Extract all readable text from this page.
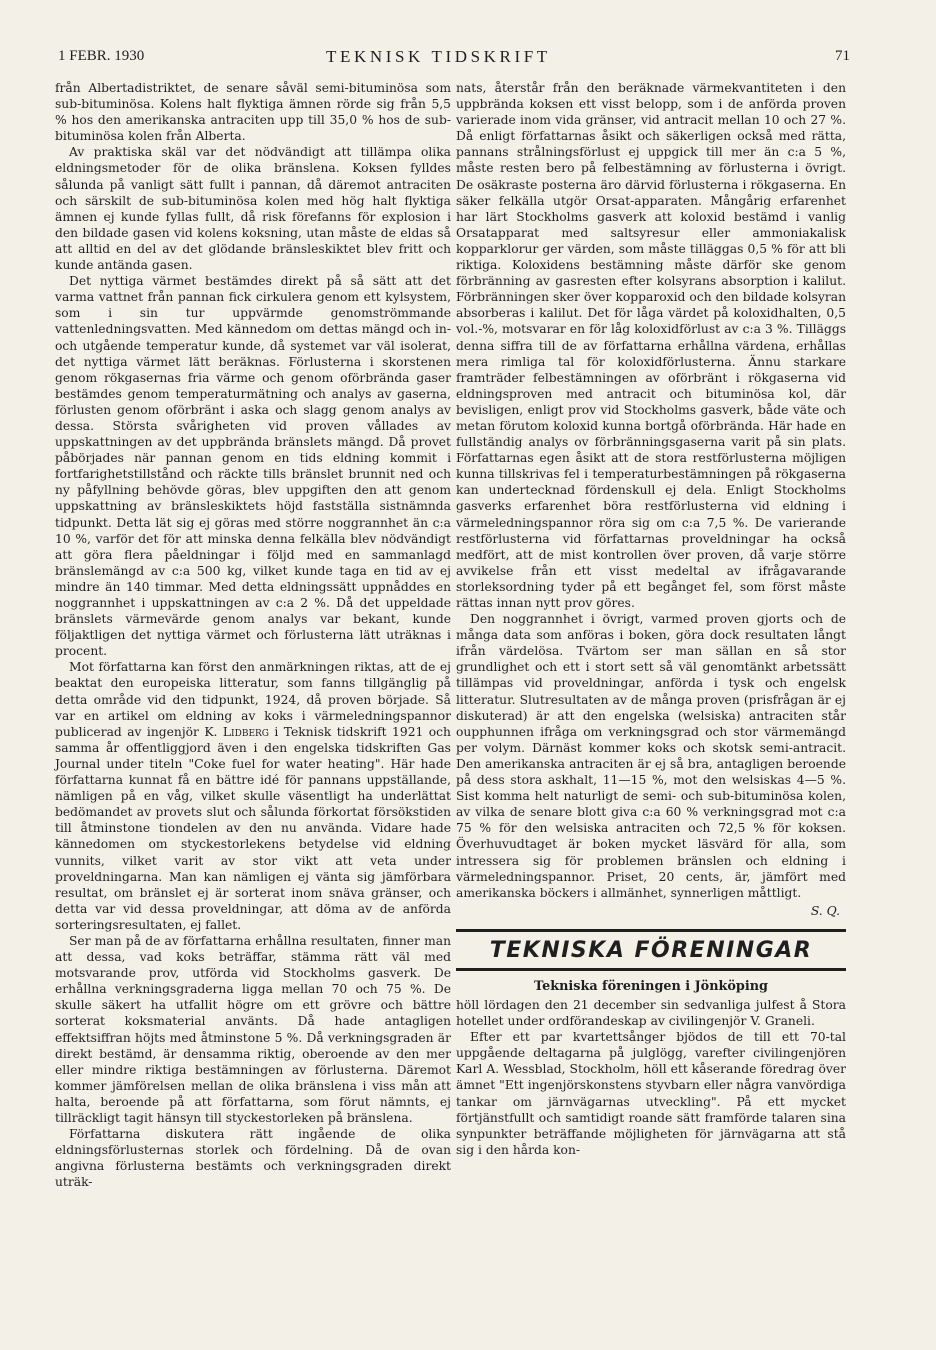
1 FEBR. 1930	TEKNISK TIDSKRIFT	71

från Albertadistriktet, de senare såväl semi-bituminösa som sub-bituminösa. Kolens halt flyktiga ämnen rörde sig från 5,5 % hos den amerikanska antraciten upp till 35,0 % hos de sub-bituminösa kolen från Alberta.

Av praktiska skäl var det nödvändigt att tillämpa olika eldningsmetoder för de olika bränslena. Koksen fylldes sålunda på vanligt sätt fullt i pannan, då däremot antraciten och särskilt de sub-bituminösa kolen med hög halt flyktiga ämnen ej kunde fyllas fullt, då risk förefanns för explosion i den bildade gasen vid kolens koksning, utan måste de eldas så att alltid en del av det glödande bränsleskiktet blev fritt och kunde antända gasen.

Det nyttiga värmet bestämdes direkt på så sätt att det varma vattnet från pannan fick cirkulera genom ett kylsystem, som i sin tur uppvärmde genomströmmande vattenledningsvatten. Med kännedom om dettas mängd och in- och utgående temperatur kunde, då systemet var väl isolerat, det nyttiga värmet lätt beräknas. Förlusterna i skorstenen genom rökgasernas fria värme och genom oförbrända gaser bestämdes genom temperaturmätning och analys av gaserna, förlusten genom oförbränt i aska och slagg genom analys av dessa. Största svårigheten vid proven vållades av uppskattningen av det uppbrända bränslets mängd. Då provet påbörjades när pannan genom en tids eldning kommit i fortfarighetstillstånd och räckte tills bränslet brunnit ned och ny påfyllning behövde göras, blev uppgiften den att genom uppskattning av bränsleskiktets höjd fastställa sistnämnda tidpunkt. Detta lät sig ej göras med större noggrannhet än c:a 10 %, varför det för att minska denna felkälla blev nödvändigt att göra flera påeldningar i följd med en sammanlagd bränslemängd av c:a 500 kg, vilket kunde taga en tid av ej mindre än 140 timmar. Med detta eldningssätt uppnåddes en noggrannhet i uppskattningen av c:a 2 %. Då det uppeldade bränslets värmevärde genom analys var bekant, kunde följaktligen det nyttiga värmet och förlusterna lätt uträknas i procent.

Mot författarna kan först den anmärkningen riktas, att de ej beaktat den europeiska litteratur, som fanns tillgänglig på detta område vid den tidpunkt, 1924, då proven började. Så var en artikel om eldning av koks i värmeledningspannor publicerad av ingenjör K. Lidberg i Teknisk tidskrift 1921 och samma år offentliggjord även i den engelska tidskriften Gas Journal under titeln "Coke fuel for water heating". Här hade författarna kunnat få en bättre idé för pannans uppställande, nämligen på en våg, vilket skulle väsentligt ha underlättat bedömandet av provets slut och sålunda förkortat försökstiden till åtminstone tiondelen av den nu använda. Vidare hade kännedomen om styckestorlekens betydelse vid eldning vunnits, vilket varit av stor vikt att veta under proveldningarna. Man kan nämligen ej vänta sig jämförbara resultat, om bränslet ej är sorterat inom snäva gränser, och detta var vid dessa proveldningar, att döma av de anförda sorteringsresultaten, ej fallet.

Ser man på de av författarna erhållna resultaten, finner man att dessa, vad koks beträffar, stämma rätt väl med motsvarande prov, utförda vid Stockholms gasverk. De erhållna verkningsgraderna ligga mellan 70 och 75 %. De skulle säkert ha utfallit högre om ett grövre och bättre sorterat koksmaterial använts. Då hade antagligen effektsiffran höjts med åtminstone 5 %. Då verkningsgraden är direkt bestämd, är densamma riktig, oberoende av den mer eller mindre riktiga bestämningen av förlusterna. Däremot kommer jämförelsen mellan de olika bränslena i viss mån att halta, beroende på att författarna, som förut nämnts, ej tillräckligt tagit hänsyn till styckestorleken på bränslena.

Författarna diskutera rätt ingående de olika eldningsförlusternas storlek och fördelning. Då de ovan angivna förlusterna bestämts och verkningsgraden direkt uträk-

nats, återstår från den beräknade värmekvantiteten i den uppbrända koksen ett visst belopp, som i de anförda proven varierade inom vida gränser, vid antracit mellan 10 och 27 %. Då enligt författarnas åsikt och säkerligen också med rätta, pannans strålningsförlust ej uppgick till mer än c:a 5 %, måste resten bero på felbestämning av förlusterna i övrigt. De osäkraste posterna äro därvid förlusterna i rökgaserna. En säker felkälla utgör Orsat-apparaten. Mångårig erfarenhet har lärt Stockholms gasverk att koloxid bestämd i vanlig Orsatapparat med saltsyresur eller ammoniakalisk kopparklorur ger värden, som måste tilläggas 0,5 % för att bli riktiga. Koloxidens bestämning måste därför ske genom förbränning av gasresten efter kolsyrans absorption i kalilut. Förbränningen sker över kopparoxid och den bildade kolsyran absorberas i kalilut. Det för låga värdet på koloxidhalten, 0,5 vol.-%, motsvarar en för låg koloxidförlust av c:a 3 %. Tilläggs denna siffra till de av författarna erhållna värdena, erhållas mera rimliga tal för koloxidförlusterna. Ännu starkare framträder felbestämningen av oförbränt i rökgaserna vid eldningsproven med antracit och bituminösa kol, där bevisligen, enligt prov vid Stockholms gasverk, både väte och metan förutom koloxid kunna bortgå oförbrända. Här hade en fullständig analys ov förbränningsgaserna varit på sin plats. Författarnas egen åsikt att de stora restförlusterna möjligen kunna tillskrivas fel i temperaturbestämningen på rökgaserna kan undertecknad fördenskull ej dela. Enligt Stockholms gasverks erfarenhet böra restförlusterna vid eldning i värmeledningspannor röra sig om c:a 7,5 %. De varierande restförlusterna vid författarnas proveldningar ha också medfört, att de mist kontrollen över proven, då varje större avvikelse från ett visst medeltal av ifrågavarande storleksordning tyder på ett begånget fel, som först måste rättas innan nytt prov göres.

Den noggrannhet i övrigt, varmed proven gjorts och de många data som anföras i boken, göra dock resultaten långt ifrån värdelösa. Tvärtom ser man sällan en så stor grundlighet och ett i stort sett så väl genomtänkt arbetssätt tillämpas vid proveldningar, anförda i tysk och engelsk litteratur. Slutresultaten av de många proven (prisfrågan är ej diskuterad) är att den engelska (welsiska) antraciten står oupphunnen ifråga om verkningsgrad och stor värmemängd per volym. Därnäst kommer koks och skotsk semi-antracit. Den amerikanska antraciten är ej så bra, antagligen beroende på dess stora askhalt, 11—15 %, mot den welsiskas 4—5 %. Sist komma helt naturligt de semi- och sub-bituminösa kolen, av vilka de senare blott giva c:a 60 % verkningsgrad mot c:a 75 % för den welsiska antraciten och 72,5 % för koksen. Överhuvudtaget är boken mycket läsvärd för alla, som intressera sig för problemen bränslen och eldning i värmeledningspannor. Priset, 20 cents, är, jämfört med amerikanska böckers i allmänhet, synnerligen måttligt.

S. Q.
TEKNISKA FÖRENINGAR
Tekniska föreningen i Jönköping

höll lördagen den 21 december sin sedvanliga julfest å Stora hotellet under ordförandeskap av civilingenjör V. Graneli.

Efter ett par kvartettsånger bjödos de till ett 70-tal uppgående deltagarna på julglögg, varefter civilingenjören Karl A. Wessblad, Stockholm, höll ett kåserande föredrag över ämnet "Ett ingenjörskonstens styvbarn eller några vanvördiga tankar om järnvägarnas utveckling". På ett mycket förtjänstfullt och samtidigt roande sätt framförde talaren sina synpunkter beträffande möjligheten för järnvägarna att stå sig i den hårda kon-
